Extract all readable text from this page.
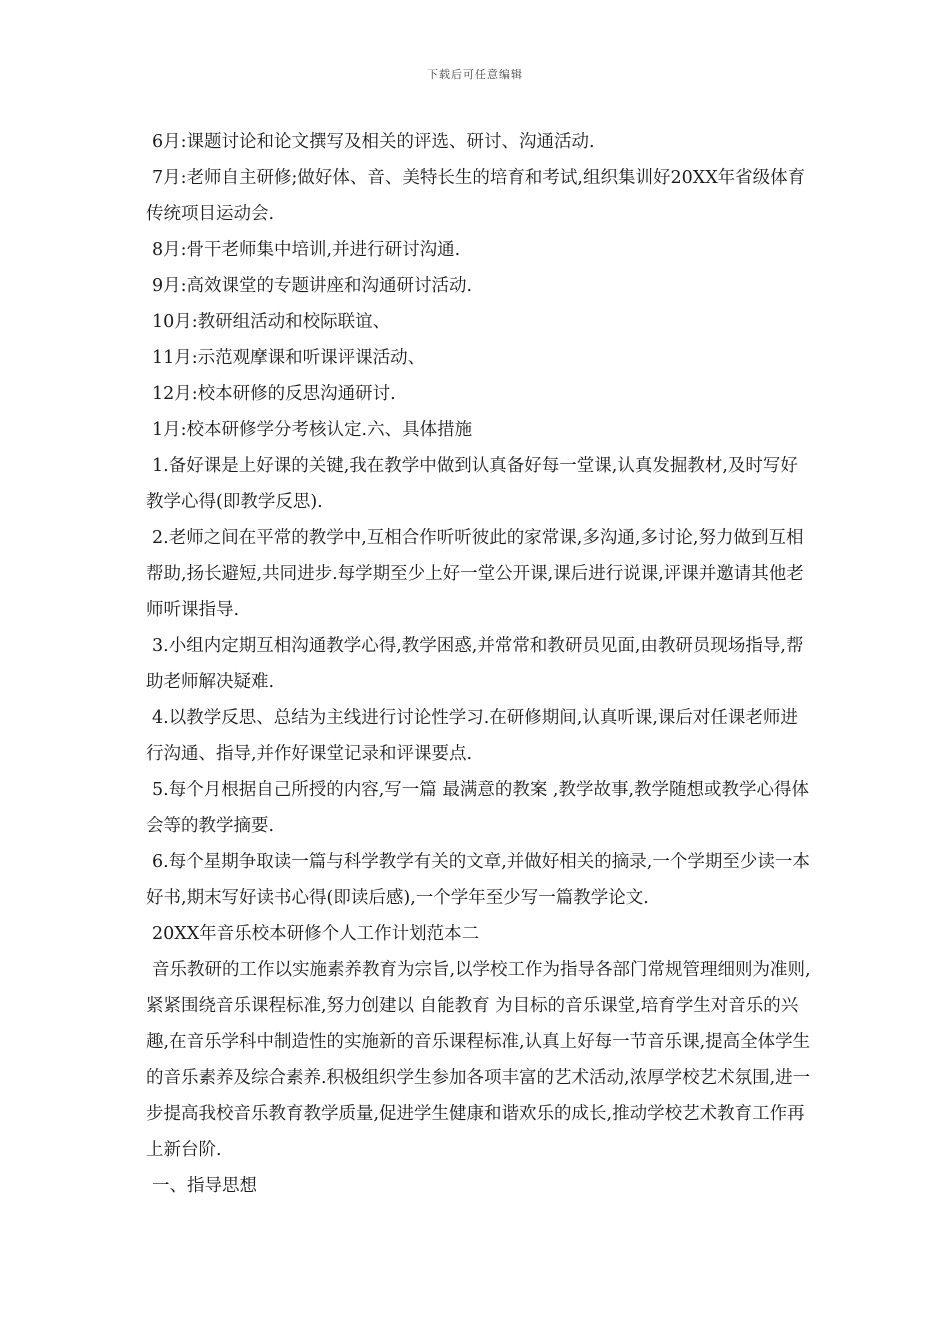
下载后可任意编辑

6月:课题讨论和论文撰写及相关的评选、研讨、沟通活动.

7月:老师自主研修;做好体、音、美特长生的培育和考试,组织集训好20XX年省级体育传统项目运动会.

8月:骨干老师集中培训,并进行研讨沟通.

9月:高效课堂的专题讲座和沟通研讨活动.

10月:教研组活动和校际联谊、

11月:示范观摩课和听课评课活动、

12月:校本研修的反思沟通研讨.

1月:校本研修学分考核认定.六、具体措施

1.备好课是上好课的关键,我在教学中做到认真备好每一堂课,认真发掘教材,及时写好教学心得(即教学反思).

2.老师之间在平常的教学中,互相合作听听彼此的家常课,多沟通,多讨论,努力做到互相帮助,扬长避短,共同进步.每学期至少上好一堂公开课,课后进行说课,评课并邀请其他老师听课指导.

3.小组内定期互相沟通教学心得,教学困惑,并常常和教研员见面,由教研员现场指导,帮助老师解决疑难.

4.以教学反思、总结为主线进行讨论性学习.在研修期间,认真听课,课后对任课老师进行沟通、指导,并作好课堂记录和评课要点.

5.每个月根据自己所授的内容,写一篇 最满意的教案 ,教学故事,教学随想或教学心得体会等的教学摘要.

6.每个星期争取读一篇与科学教学有关的文章,并做好相关的摘录,一个学期至少读一本好书,期末写好读书心得(即读后感),一个学年至少写一篇教学论文.

20XX年音乐校本研修个人工作计划范本二

音乐教研的工作以实施素养教育为宗旨,以学校工作为指导各部门常规管理细则为准则,紧紧围绕音乐课程标准,努力创建以 自能教育 为目标的音乐课堂,培育学生对音乐的兴趣,在音乐学科中制造性的实施新的音乐课程标准,认真上好每一节音乐课,提高全体学生的音乐素养及综合素养.积极组织学生参加各项丰富的艺术活动,浓厚学校艺术氛围,进一步提高我校音乐教育教学质量,促进学生健康和谐欢乐的成长,推动学校艺术教育工作再上新台阶.

一、指导思想
